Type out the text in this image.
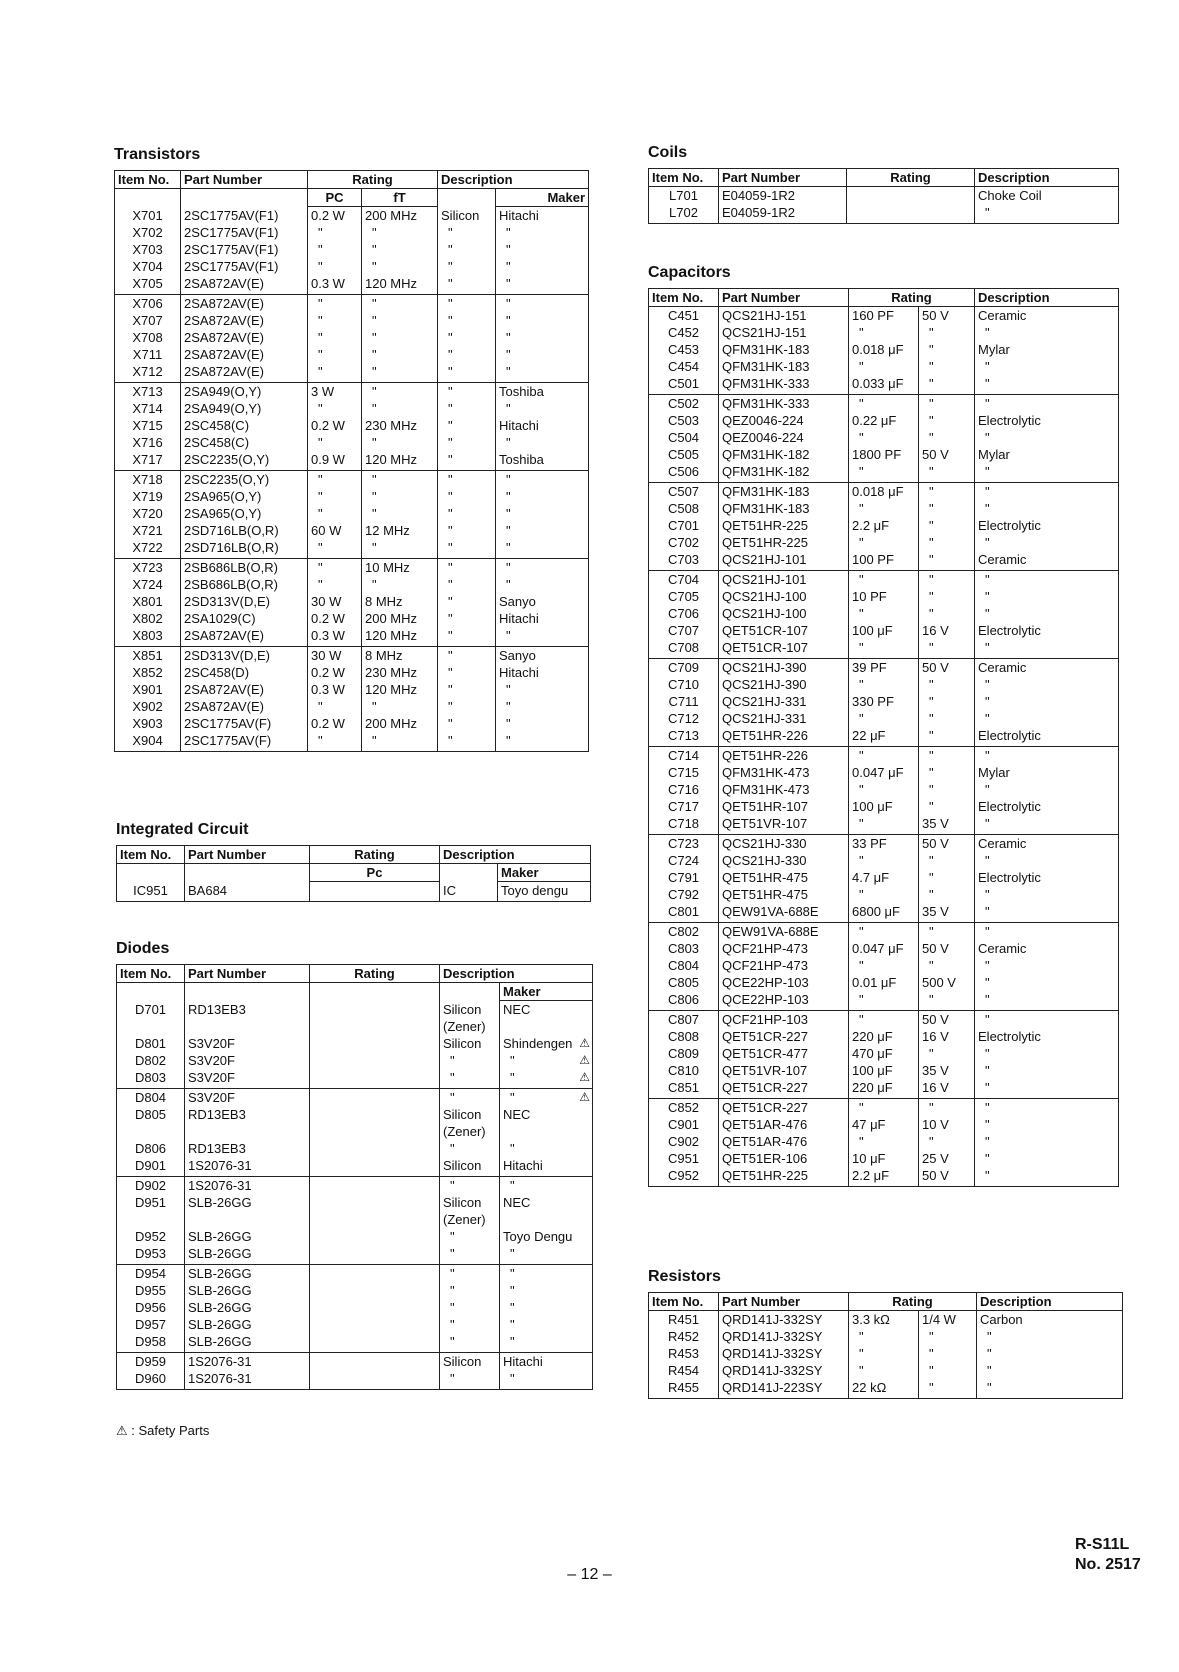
Transistors
Item No.	Part Number	Rating		Description	
		PC	fT		Maker
X701	2SC1775AV(F1)	0.2 W	200 MHz	Silicon	Hitachi
X702	2SC1775AV(F1)	"	"	"	"
X703	2SC1775AV(F1)	"	"	"	"
X704	2SC1775AV(F1)	"	"	"	"
X705	2SA872AV(E)	0.3 W	120 MHz	"	"
X706	2SA872AV(E)	"	"	"	"
X707	2SA872AV(E)	"	"	"	"
X708	2SA872AV(E)	"	"	"	"
X711	2SA872AV(E)	"	"	"	"
X712	2SA872AV(E)	"	"	"	"
X713	2SA949(O,Y)	3 W	"	"	Toshiba
X714	2SA949(O,Y)	"	"	"	"
X715	2SC458(C)	0.2 W	230 MHz	"	Hitachi
X716	2SC458(C)	"	"	"	"
X717	2SC2235(O,Y)	0.9 W	120 MHz	"	Toshiba
X718	2SC2235(O,Y)	"	"	"	"
X719	2SA965(O,Y)	"	"	"	"
X720	2SA965(O,Y)	"	"	"	"
X721	2SD716LB(O,R)	60 W	12 MHz	"	"
X722	2SD716LB(O,R)	"	"	"	"
X723	2SB686LB(O,R)	"	10 MHz	"	"
X724	2SB686LB(O,R)	"	"	"	"
X801	2SD313V(D,E)	30 W	8 MHz	"	Sanyo
X802	2SA1029(C)	0.2 W	200 MHz	"	Hitachi
X803	2SA872AV(E)	0.3 W	120 MHz	"	"
X851	2SD313V(D,E)	30 W	8 MHz	"	Sanyo
X852	2SC458(D)	0.2 W	230 MHz	"	Hitachi
X901	2SA872AV(E)	0.3 W	120 MHz	"	"
X902	2SA872AV(E)	"	"	"	"
X903	2SC1775AV(F)	0.2 W	200 MHz	"	"
X904	2SC1775AV(F)	"	"	"	"
Integrated Circuit
Item No.	Part Number	Rating	Description	
		Pc		Maker
IC951	BA684		IC	Toyo dengu
Diodes
Item No.	Part Number	Rating	Description	
				Maker
D701	RD13EB3		Silicon	NEC
			(Zener)	
D801	S3V20F		Silicon	Shindengen ⚠

D802	S3V20F		"	" ⚠

D803	S3V20F		"	" ⚠

D804	S3V20F		"	" ⚠

D805	RD13EB3		Silicon	NEC
			(Zener)	
D806	RD13EB3		"	"
D901	1S2076-31		Silicon	Hitachi
D902	1S2076-31		"	"
D951	SLB-26GG		Silicon	NEC
			(Zener)	
D952	SLB-26GG		"	Toyo Dengu
D953	SLB-26GG		"	"
D954	SLB-26GG		"	"
D955	SLB-26GG		"	"
D956	SLB-26GG		"	"
D957	SLB-26GG		"	"
D958	SLB-26GG		"	"
D959	1S2076-31		Silicon	Hitachi
D960	1S2076-31		"	"
Coils
Item No.	Part Number	Rating	Description
L701	E04059-1R2		Choke Coil
L702	E04059-1R2		"
Capacitors
Item No.	Part Number	Rating		Description
C451	QCS21HJ-151	160 PF	50 V	Ceramic
C452	QCS21HJ-151	"	"	"
C453	QFM31HK-183	0.018 μF	"	Mylar
C454	QFM31HK-183	"	"	"
C501	QFM31HK-333	0.033 μF	"	"
C502	QFM31HK-333	"	"	"
C503	QEZ0046-224	0.22 μF	"	Electrolytic
C504	QEZ0046-224	"	"	"
C505	QFM31HK-182	1800 PF	50 V	Mylar
C506	QFM31HK-182	"	"	"
C507	QFM31HK-183	0.018 μF	"	"
C508	QFM31HK-183	"	"	"
C701	QET51HR-225	2.2 μF	"	Electrolytic
C702	QET51HR-225	"	"	"
C703	QCS21HJ-101	100 PF	"	Ceramic
C704	QCS21HJ-101	"	"	"
C705	QCS21HJ-100	10 PF	"	"
C706	QCS21HJ-100	"	"	"
C707	QET51CR-107	100 μF	16 V	Electrolytic
C708	QET51CR-107	"	"	"
C709	QCS21HJ-390	39 PF	50 V	Ceramic
C710	QCS21HJ-390	"	"	"
C711	QCS21HJ-331	330 PF	"	"
C712	QCS21HJ-331	"	"	"
C713	QET51HR-226	22 μF	"	Electrolytic
C714	QET51HR-226	"	"	"
C715	QFM31HK-473	0.047 μF	"	Mylar
C716	QFM31HK-473	"	"	"
C717	QET51HR-107	100 μF	"	Electrolytic
C718	QET51VR-107	"	35 V	"
C723	QCS21HJ-330	33 PF	50 V	Ceramic
C724	QCS21HJ-330	"	"	"
C791	QET51HR-475	4.7 μF	"	Electrolytic
C792	QET51HR-475	"	"	"
C801	QEW91VA-688E	6800 μF	35 V	"
C802	QEW91VA-688E	"	"	"
C803	QCF21HP-473	0.047 μF	50 V	Ceramic
C804	QCF21HP-473	"	"	"
C805	QCE22HP-103	0.01 μF	500 V	"
C806	QCE22HP-103	"	"	"
C807	QCF21HP-103	"	50 V	"
C808	QET51CR-227	220 μF	16 V	Electrolytic
C809	QET51CR-477	470 μF	"	"
C810	QET51VR-107	100 μF	35 V	"
C851	QET51CR-227	220 μF	16 V	"
C852	QET51CR-227	"	"	"
C901	QET51AR-476	47 μF	10 V	"
C902	QET51AR-476	"	"	"
C951	QET51ER-106	10 μF	25 V	"
C952	QET51HR-225	2.2 μF	50 V	"
Resistors
Item No.	Part Number	Rating		Description
R451	QRD141J-332SY	3.3 kΩ	1/4 W	Carbon
R452	QRD141J-332SY	"	"	"
R453	QRD141J-332SY	"	"	"
R454	QRD141J-332SY	"	"	"
R455	QRD141J-223SY	22 kΩ	"	"
⚠ : Safety Parts
– 12 –
R-S11L
No. 2517
